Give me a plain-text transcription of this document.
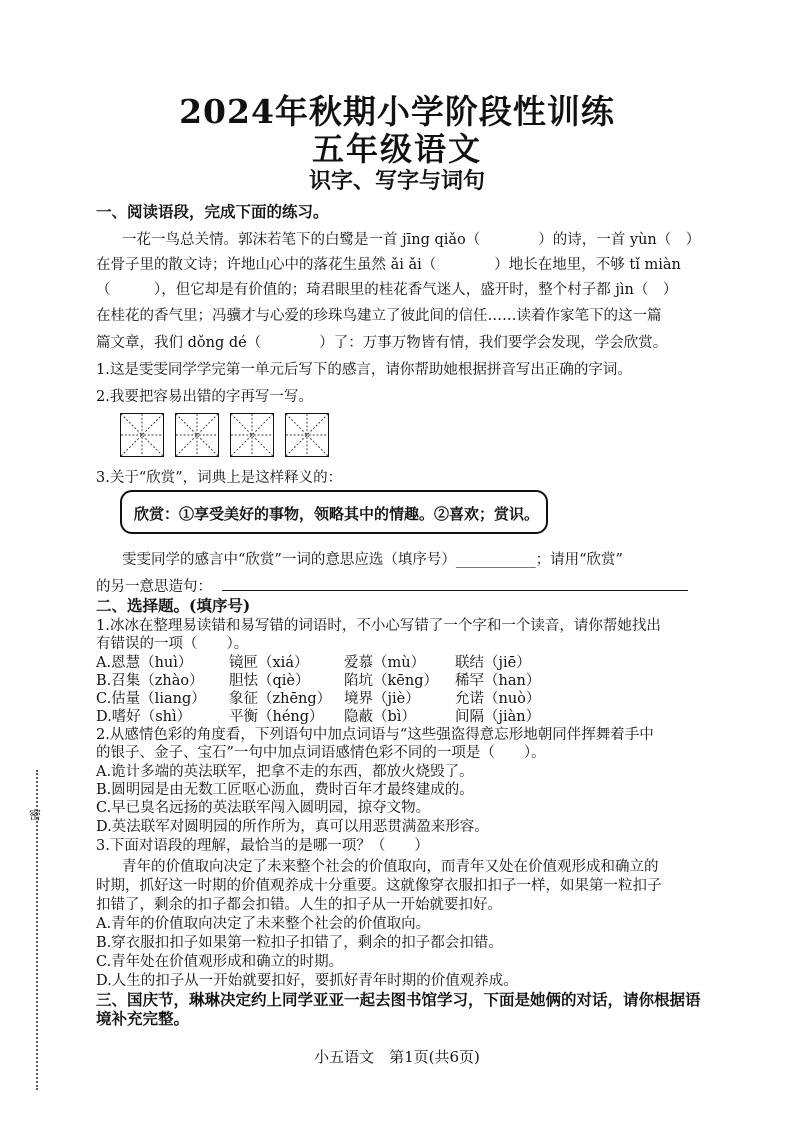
2024年秋期小学阶段性训练
五年级语文
识字、写字与词句
一、阅读语段，完成下面的练习。
一花一鸟总关情。郭沫若笔下的白鹭是一首 jīng qiǎo（　　　　）的诗，一首 yùn（　）
在骨子里的散文诗；许地山心中的落花生虽然 ǎi ǎi（　　　　）地长在地里，不够 tǐ miàn
（　　　），但它却是有价值的；琦君眼里的桂花香气迷人，盛开时，整个村子都 jìn（　）
在桂花的香气里；冯骥才与心爱的珍珠鸟建立了彼此间的信任……读着作家笔下的这一篇
篇文章，我们 dǒng dé（　　　　）了：万事万物皆有情，我们要学会发现，学会欣赏。
1.这是雯雯同学学完第一单元后写下的感言，请你帮助她根据拼音写出正确的字词。
2.我要把容易出错的字再写一写。
3.关于“欣赏”，词典上是这样释义的：
欣赏：①享受美好的事物，领略其中的情趣。②喜欢；赏识。
雯雯同学的感言中“欣赏”一词的意思应选（填序号）___________；请用“欣赏”
的另一意思造句：
二、选择题。(填序号)
1.冰冰在整理易读错和易写错的词语时，不小心写错了一个字和一个读音，请你帮她找出
有错误的一项（　　）。
A.恩慧（huì）	镜匣（xiá） 爱慕（mù） 联结（jiē）
B.召集（zhào） 胆怯（qiè） 陷坑（kēng） 稀罕（han）
C.估量（liang） 象征（zhēng） 境界（jiè） 允诺（nuò）
D.嗜好（shì）	平衡（héng） 隐蔽（bì）	间隔（jiàn）
2.从感情色彩的角度看，下列语句中加点词语与“这些强盗得意忘形地朝同伴挥舞着手中
的银子、金子、宝石”一句中加点词语感情色彩不同的一项是（　　）。
A.诡计多端的英法联军，把拿不走的东西，都放火烧毁了。
B.圆明园是由无数工匠呕心沥血，费时百年才最终建成的。
C.早已臭名远扬的英法联军闯入圆明园，掠夺文物。
D.英法联军对圆明园的所作所为，真可以用恶贯满盈来形容。
3.下面对语段的理解，最恰当的是哪一项？（　　）
青年的价值取向决定了未来整个社会的价值取向，而青年又处在价值观形成和确立的
时期，抓好这一时期的价值观养成十分重要。这就像穿衣服扣扣子一样，如果第一粒扣子
扣错了，剩余的扣子都会扣错。人生的扣子从一开始就要扣好。
A.青年的价值取向决定了未来整个社会的价值取向。
B.穿衣服扣扣子如果第一粒扣子扣错了，剩余的扣子都会扣错。
C.青年处在价值观形成和确立的时期。
D.人生的扣子从一开始就要扣好，要抓好青年时期的价值观养成。
三、国庆节，琳琳决定约上同学亚亚一起去图书馆学习，下面是她俩的对话，请你根据语
境补充完整。
密
小五语文　第1页(共6页)
